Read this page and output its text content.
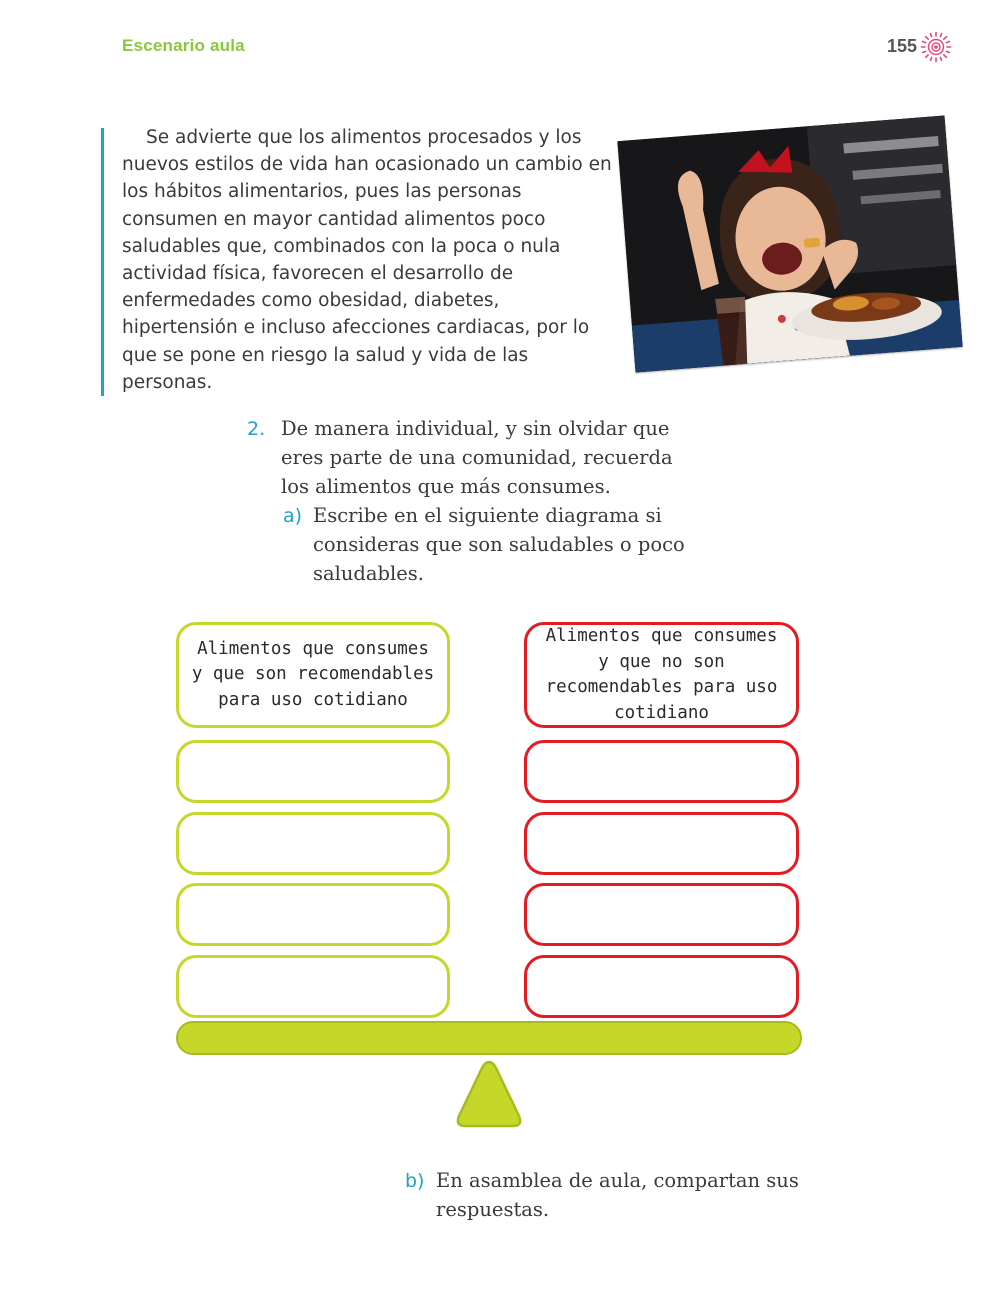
Escenario aula	155

Se advierte que los alimentos procesados y los nuevos estilos de vida han ocasionado un cambio en los hábitos alimentarios, pues las personas consumen en mayor cantidad alimentos poco saludables que, combinados con la poca o nula actividad física, favorecen el desarrollo de enfermedades como obesidad, diabetes, hipertensión e incluso afecciones cardiacas, por lo que se pone en riesgo la salud y vida de las personas.

2. De manera individual, y sin olvidar que eres parte de una comunidad, recuerda los alimentos que más consumes.

a) Escribe en el siguiente diagrama si consideras que son saludables o poco saludables.

Alimentos que consumes y que son recomendables para uso cotidiano
Alimentos que consumes y que no son recomendables para uso cotidiano
b) En asamblea de aula, compartan sus respuestas.
